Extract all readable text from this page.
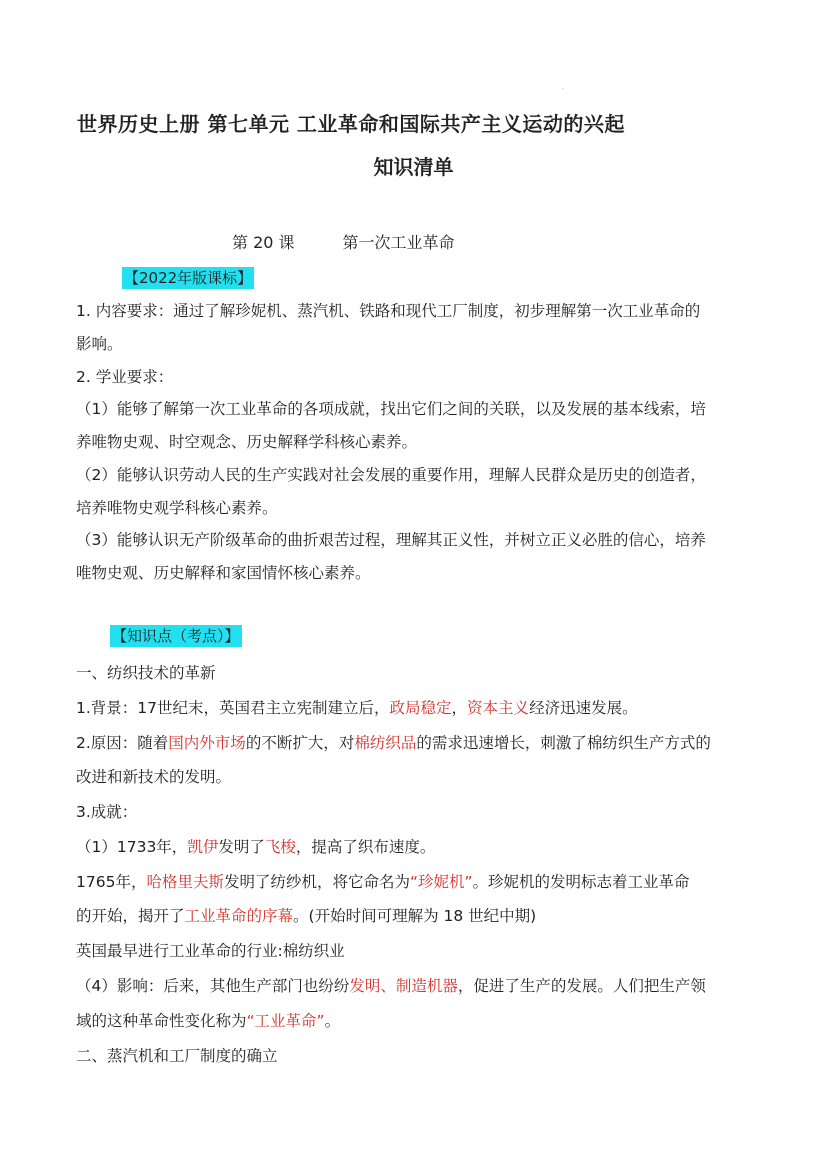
.
世界历史上册 第七单元 工业革命和国际共产主义运动的兴起
知识清单
第 20 课	第一次工业革命
【2022年版课标】
1. 内容要求：通过了解珍妮机、蒸汽机、铁路和现代工厂制度，初步理解第一次工业革命的
影响。
2. 学业要求：
（1）能够了解第一次工业革命的各项成就，找出它们之间的关联，以及发展的基本线索，培
养唯物史观、时空观念、历史解释学科核心素养。
（2）能够认识劳动人民的生产实践对社会发展的重要作用，理解人民群众是历史的创造者，
培养唯物史观学科核心素养。
（3）能够认识无产阶级革命的曲折艰苦过程，理解其正义性，并树立正义必胜的信心，培养
唯物史观、历史解释和家国情怀核心素养。
【知识点（考点）】
一、纺织技术的革新
1.背景：17世纪末，英国君主立宪制建立后，政局稳定，资本主义经济迅速发展。
2.原因：随着国内外市场的不断扩大，对棉纺织品的需求迅速增长，刺激了棉纺织生产方式的
改进和新技术的发明。
3.成就：
（1）1733年，凯伊发明了飞梭，提高了织布速度。
1765年，哈格里夫斯发明了纺纱机，将它命名为“珍妮机”。珍妮机的发明标志着工业革命
的开始，揭开了工业革命的序幕。(开始时间可理解为 18 世纪中期)
英国最早进行工业革命的行业:棉纺织业
（4）影响：后来，其他生产部门也纷纷发明、制造机器，促进了生产的发展。人们把生产领
域的这种革命性变化称为“工业革命”。
二、蒸汽机和工厂制度的确立
